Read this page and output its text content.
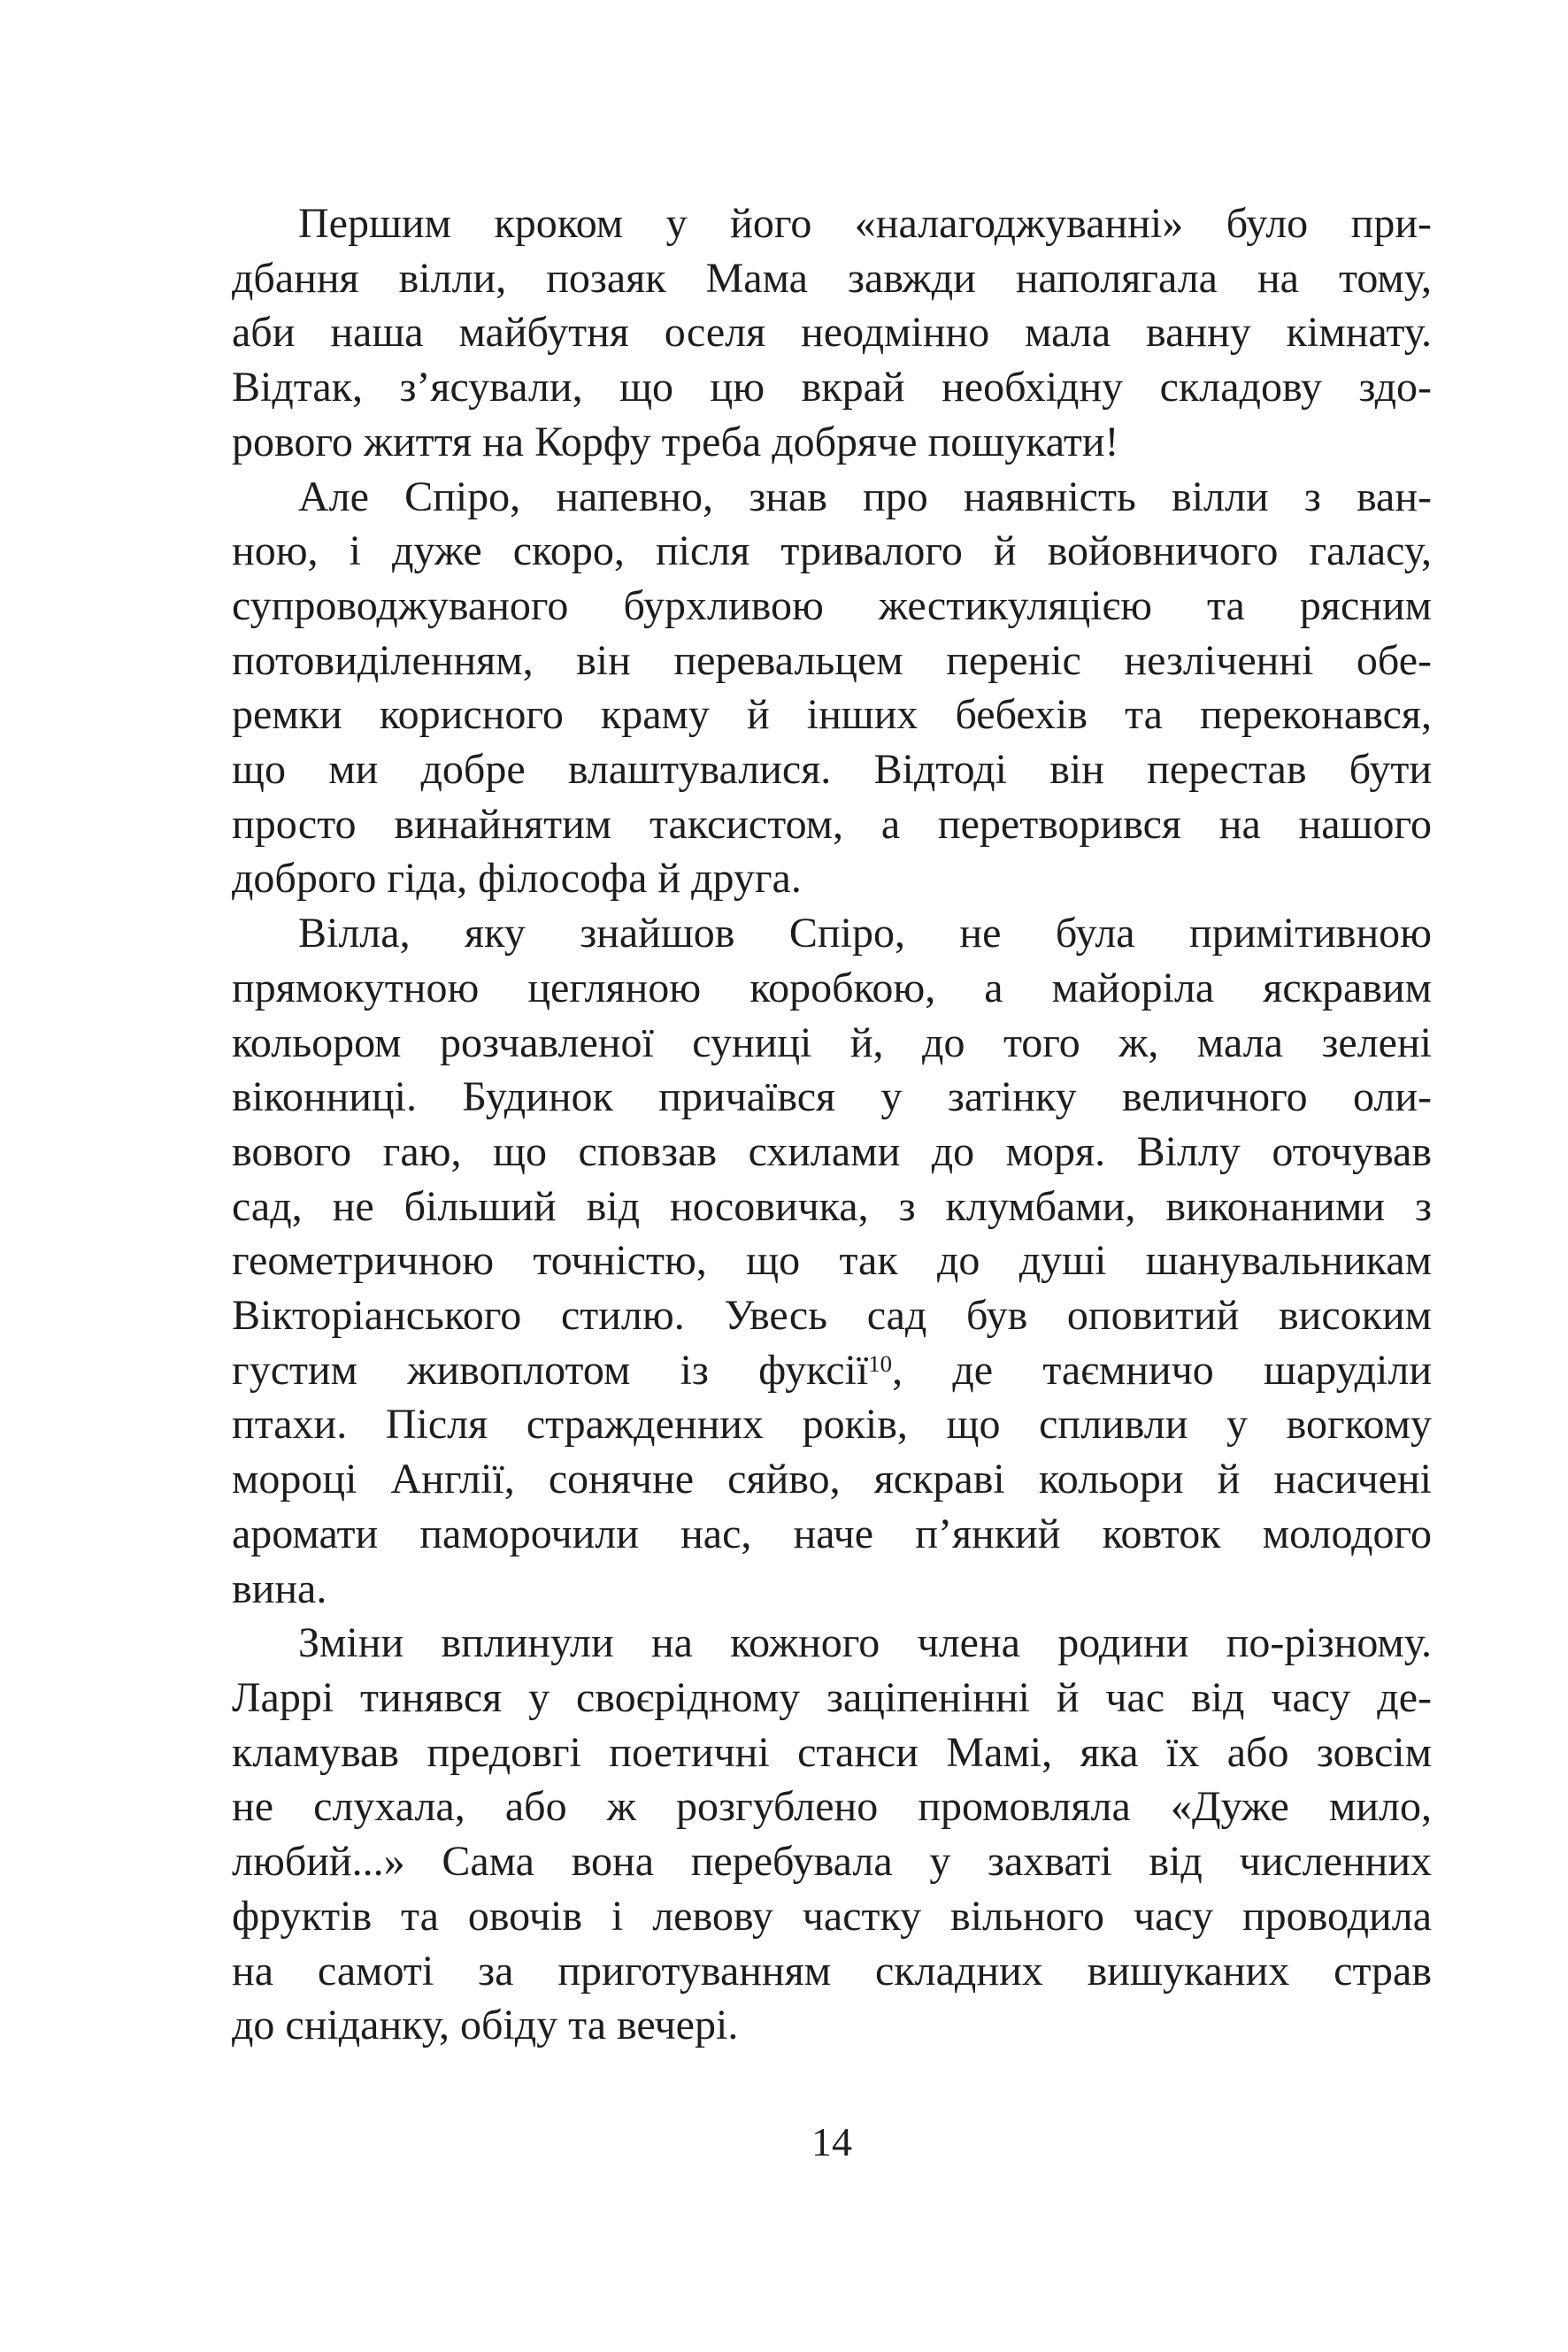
Першим кроком у його «налагоджуванні» було при-
дбання вілли, позаяк Мама завжди наполягала на тому,
аби наша майбутня оселя неодмінно мала ванну кімнату.
Відтак, з’ясували, що цю вкрай необхідну складову здо-
рового життя на Корфу треба добряче пошукати!
Але Спіро, напевно, знав про наявність вілли з ван-
ною, і дуже скоро, після тривалого й войовничого галасу,
супроводжуваного бурхливою жестикуляцією та рясним
потовиділенням, він перевальцем переніс незліченні обе-
ремки корисного краму й інших бебехів та переконався,
що ми добре влаштувалися. Відтоді він перестав бути
просто винайнятим таксистом, а перетворився на нашого
доброго гіда, філософа й друга.
Вілла, яку знайшов Спіро, не була примітивною
прямокутною цегляною коробкою, а майоріла яскравим
кольором розчавленої суниці й, до того ж, мала зелені
віконниці. Будинок причаївся у затінку величного оли-
вового гаю, що сповзав схилами до моря. Віллу оточував
сад, не більший від носовичка, з клумбами, виконаними з
геометричною точністю, що так до душі шанувальникам
Вікторіанського стилю. Увесь сад був оповитий високим
густим живоплотом із фуксії$^{10}$, де таємничо шаруділи
птахи. Після стражденних років, що спливли у вогкому
мороці Англії, сонячне сяйво, яскраві кольори й насичені
аромати паморочили нас, наче п’янкий ковток молодого
вина.
Зміни вплинули на кожного члена родини по-різному.
Ларрі тинявся у своєрідному заціпенінні й час від часу де-
кламував предовгі поетичні станси Мамі, яка їх або зовсім
не слухала, або ж розгублено промовляла «Дуже мило,
любий...» Сама вона перебувала у захваті від численних
фруктів та овочів і левову частку вільного часу проводила
на самоті за приготуванням складних вишуканих страв
до сніданку, обіду та вечері.
14
